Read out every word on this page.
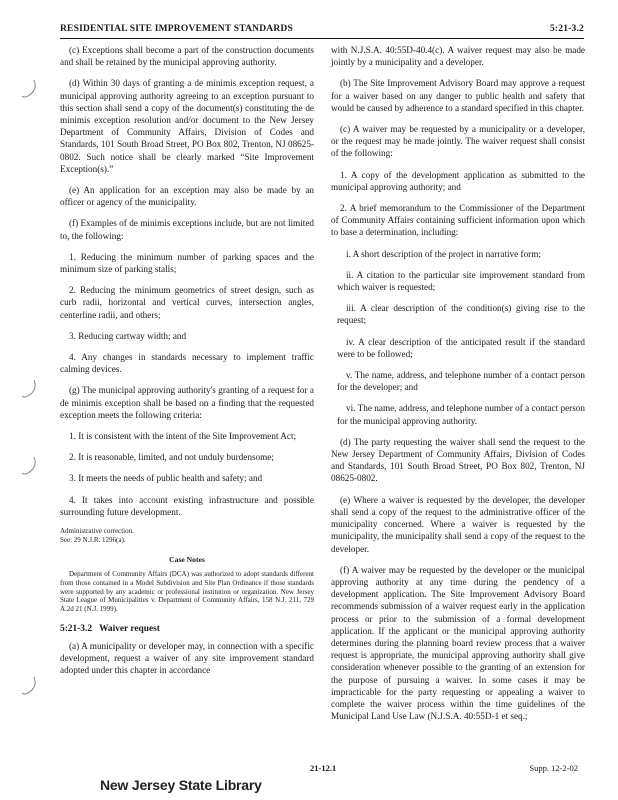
RESIDENTIAL SITE IMPROVEMENT STANDARDS	5:21-3.2

(c) Exceptions shall become a part of the construction documents and shall be retained by the municipal approving authority.

(d) Within 30 days of granting a de minimis exception request, a municipal approving authority agreeing to an exception pursuant to this section shall send a copy of the document(s) constituting the de minimis exception resolution and/or document to the New Jersey Department of Community Affairs, Division of Codes and Standards, 101 South Broad Street, PO Box 802, Trenton, NJ 08625-0802. Such notice shall be clearly marked “Site Improvement Exception(s).”

(e) An application for an exception may also be made by an officer or agency of the municipality.

(f) Examples of de minimis exceptions include, but are not limited to, the following:

1. Reducing the minimum number of parking spaces and the minimum size of parking stalls;

2. Reducing the minimum geometrics of street design, such as curb radii, horizontal and vertical curves, intersection angles, centerline radii, and others;

3. Reducing cartway width; and

4. Any changes in standards necessary to implement traffic calming devices.

(g) The municipal approving authority's granting of a request for a de minimis exception shall be based on a finding that the requested exception meets the following criteria:

1. It is consistent with the intent of the Site Improvement Act;

2. It is reasonable, limited, and not unduly burdensome;

3. It meets the needs of public health and safety; and

4. It takes into account existing infrastructure and possible surrounding future development.

Administrative correction.
See: 29 N.J.R. 1296(a).
Case Notes
Department of Community Affairs (DCA) was authorized to adopt standards different from those contained in a Model Subdivision and Site Plan Ordinance if those standards were supported by any academic or professional institution or organization. New Jersey State League of Municipalities v. Department of Community Affairs, 158 N.J. 211, 729 A.2d 21 (N.J. 1999).
5:21-3.2 Waiver request

(a) A municipality or developer may, in connection with a specific development, request a waiver of any site improvement standard adopted under this chapter in accordance

with N.J.S.A. 40:55D-40.4(c). A waiver request may also be made jointly by a municipality and a developer.

(b) The Site Improvement Advisory Board may approve a request for a waiver based on any danger to public health and safety that would be caused by adherence to a standard specified in this chapter.

(c) A waiver may be requested by a municipality or a developer, or the request may be made jointly. The waiver request shall consist of the following:

1. A copy of the development application as submitted to the municipal approving authority; and

2. A brief memorandum to the Commissioner of the Department of Community Affairs containing sufficient information upon which to base a determination, including:

i. A short description of the project in narrative form;

ii. A citation to the particular site improvement standard from which waiver is requested;

iii. A clear description of the condition(s) giving rise to the request;

iv. A clear description of the anticipated result if the standard were to be followed;

v. The name, address, and telephone number of a contact person for the developer; and

vi. The name, address, and telephone number of a contact person for the municipal approving authority.

(d) The party requesting the waiver shall send the request to the New Jersey Department of Community Affairs, Division of Codes and Standards, 101 South Broad Street, PO Box 802, Trenton, NJ 08625-0802.

(e) Where a waiver is requested by the developer, the developer shall send a copy of the request to the administrative officer of the municipality concerned. Where a waiver is requested by the municipality, the municipality shall send a copy of the request to the developer.

(f) A waiver may be requested by the developer or the municipal approving authority at any time during the pendency of a development application. The Site Improvement Advisory Board recommends submission of a waiver request early in the application process or prior to the submission of a formal development application. If the applicant or the municipal approving authority determines during the planning board review process that a waiver request is appropriate, the municipal approving authority shall give consideration whenever possible to the granting of an extension for the purpose of pursuing a waiver. In some cases it may be impracticable for the party requesting or appealing a waiver to complete the waiver process within the time guidelines of the Municipal Land Use Law (N.J.S.A. 40:55D-1 et seq.;

21-12.1	Supp. 12-2-02
New Jersey State Library
